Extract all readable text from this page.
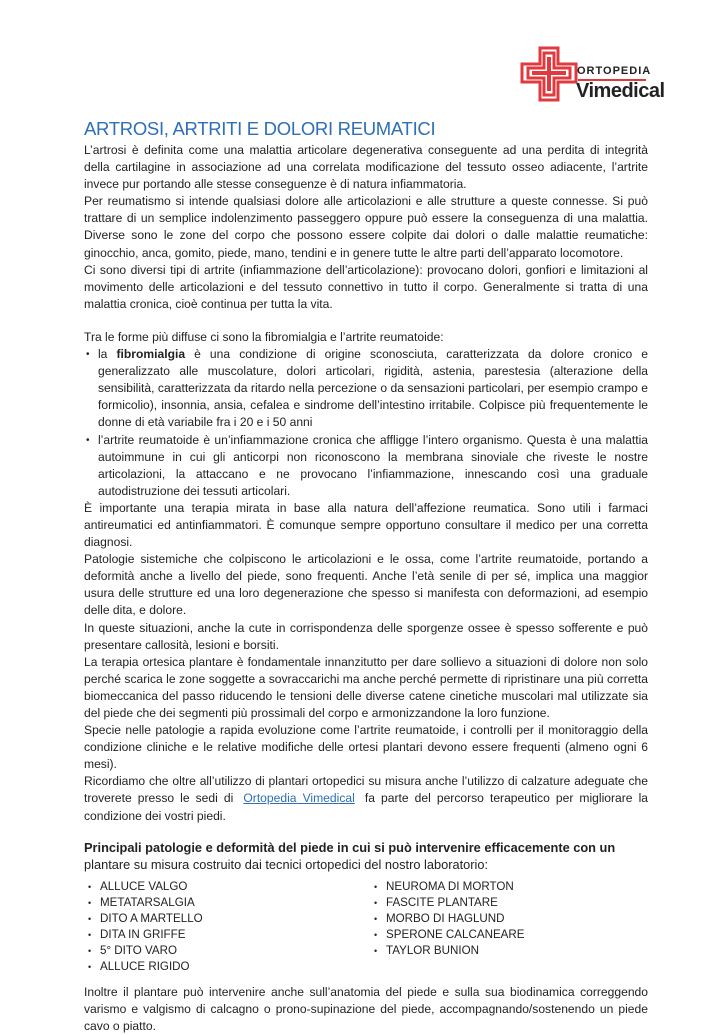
ORTOPEDIA
Vimedical
ARTROSI, ARTRITI E DOLORI REUMATICI

L’artrosi è definita come una malattia articolare degenerativa conseguente ad una perdita di integrità della cartilagine in associazione ad una correlata modificazione del tessuto osseo adiacente, l’artrite invece pur portando alle stesse conseguenze è di natura infiammatoria.

Per reumatismo si intende qualsiasi dolore alle articolazioni e alle strutture a queste connesse. Si può trattare di un semplice indolenzimento passeggero oppure può essere la conseguenza di una malattia. Diverse sono le zone del corpo che possono essere colpite dai dolori o dalle malattie reumatiche: ginocchio, anca, gomito, piede, mano, tendini e in genere tutte le altre parti dell’apparato locomotore.

Ci sono diversi tipi di artrite (infiammazione dell’articolazione): provocano dolori, gonfiori e limitazioni al movimento delle articolazioni e del tessuto connettivo in tutto il corpo. Generalmente si tratta di una malattia cronica, cioè continua per tutta la vita.

Tra le forme più diffuse ci sono la fibromialgia e l’artrite reumatoide:

• la fibromialgia è una condizione di origine sconosciuta, caratterizzata da dolore cronico e generalizzato alle muscolature, dolori articolari, rigidità, astenia, parestesia (alterazione della sensibilità, caratterizzata da ritardo nella percezione o da sensazioni particolari, per esempio crampo e formicolio), insonnia, ansia, cefalea e sindrome dell’intestino irritabile. Colpisce più frequentemente le donne di età variabile fra i 20 e i 50 anni
• l’artrite reumatoide è un’infiammazione cronica che affligge l’intero organismo. Questa è una malattia autoimmune in cui gli anticorpi non riconoscono la membrana sinoviale che riveste le nostre articolazioni, la attaccano e ne provocano l’infiammazione, innescando così una graduale autodistruzione dei tessuti articolari.

È importante una terapia mirata in base alla natura dell’affezione reumatica. Sono utili i farmaci antireumatici ed antinfiammatori. È comunque sempre opportuno consultare il medico per una corretta diagnosi.

Patologie sistemiche che colpiscono le articolazioni e le ossa, come l’artrite reumatoide, portando a deformità anche a livello del piede, sono frequenti. Anche l’età senile di per sé, implica una maggior usura delle strutture ed una loro degenerazione che spesso si manifesta con deformazioni, ad esempio delle dita, e dolore.

In queste situazioni, anche la cute in corrispondenza delle sporgenze ossee è spesso sofferente e può presentare callosità, lesioni e borsiti.

La terapia ortesica plantare è fondamentale innanzitutto per dare sollievo a situazioni di dolore non solo perché scarica le zone soggette a sovraccarichi ma anche perché permette di ripristinare una più corretta biomeccanica del passo riducendo le tensioni delle diverse catene cinetiche muscolari mal utilizzate sia del piede che dei segmenti più prossimali del corpo e armonizzandone la loro funzione.

Specie nelle patologie a rapida evoluzione come l’artrite reumatoide, i controlli per il monitoraggio della condizione cliniche e le relative modifiche delle ortesi plantari devono essere frequenti (almeno ogni 6 mesi).

Ricordiamo che oltre all’utilizzo di plantari ortopedici su misura anche l’utilizzo di calzature adeguate che troverete presso le sedi di Ortopedia Vimedical fa parte del percorso terapeutico per migliorare la condizione dei vostri piedi.

Principali patologie e deformità del piede in cui si può intervenire efficacemente con un
plantare su misura costruito dai tecnici ortopedici del nostro laboratorio:
• ALLUCE VALGO
• METATARSALGIA
• DITO A MARTELLO
• DITA IN GRIFFE
• 5° DITO VARO
• ALLUCE RIGIDO
• NEUROMA DI MORTON
• FASCITE PLANTARE
• MORBO DI HAGLUND
• SPERONE CALCANEARE
• TAYLOR BUNION

Inoltre il plantare può intervenire anche sull’anatomia del piede e sulla sua biodinamica correggendo varismo e valgismo di calcagno o prono-supinazione del piede, accompagnando/sostenendo un piede cavo o piatto.
